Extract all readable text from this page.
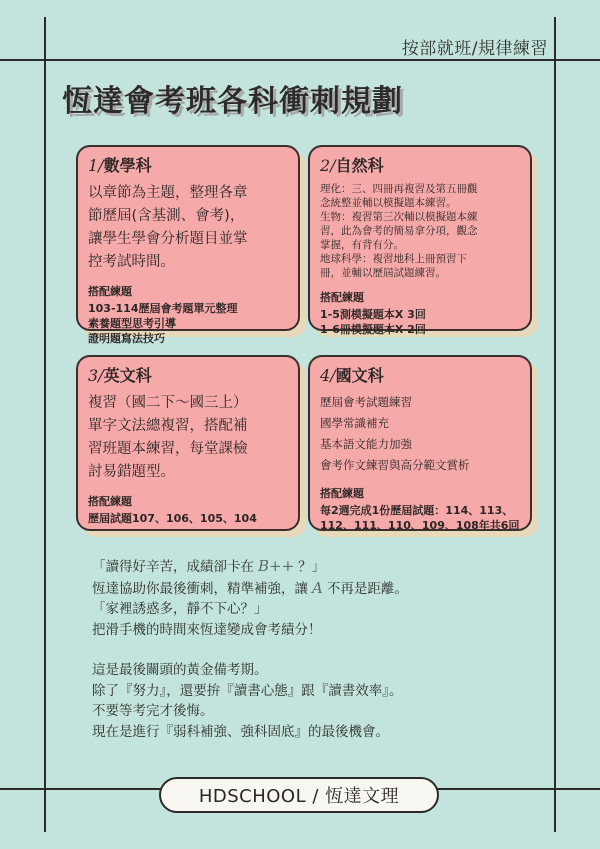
按部就班/規律練習
恆達會考班各科衝刺規劃
1/數學科
以章節為主題，整理各章
節歷屆(含基測、會考)，
讓學生學會分析題目並掌
控考試時間。
搭配練題
103-114歷屆會考題單元整理
素養題型思考引導
證明題寫法技巧
2/自然科
理化：三、四冊再複習及第五冊觀
念統整並輔以模擬題本練習。
生物：複習第三次輔以模擬題本練
習，此為會考的簡易拿分項，觀念
掌握，有背有分。
地球科學：複習地科上冊預習下
冊，並輔以歷屆試題練習。
搭配練題
1-5測模擬題本X 3回
1-6冊模擬題本X 2回
3/英文科
複習（國二下～國三上）
單字文法總複習，搭配補
習班題本練習，每堂課檢
討易錯題型。
搭配練題
歷屆試題107、106、105、104
4/國文科
歷屆會考試題練習
國學常識補充
基本語文能力加強
會考作文練習與高分範文賞析
搭配練題
每2週完成1份歷屆試題：114、113、
112、111、110、109、108年共6回
「讀得好辛苦，成績卻卡在 B++ ？」
恆達協助你最後衝刺，精準補強，讓 A 不再是距離。
「家裡誘惑多，靜不下心？」
把滑手機的時間來恆達變成會考績分！
這是最後關頭的黃金備考期。
除了『努力』，還要拚『讀書心態』跟『讀書效率』。
不要等考完才後悔。
現在是進行『弱科補強、強科固底』的最後機會。
HDSCHOOL / 恆達文理
